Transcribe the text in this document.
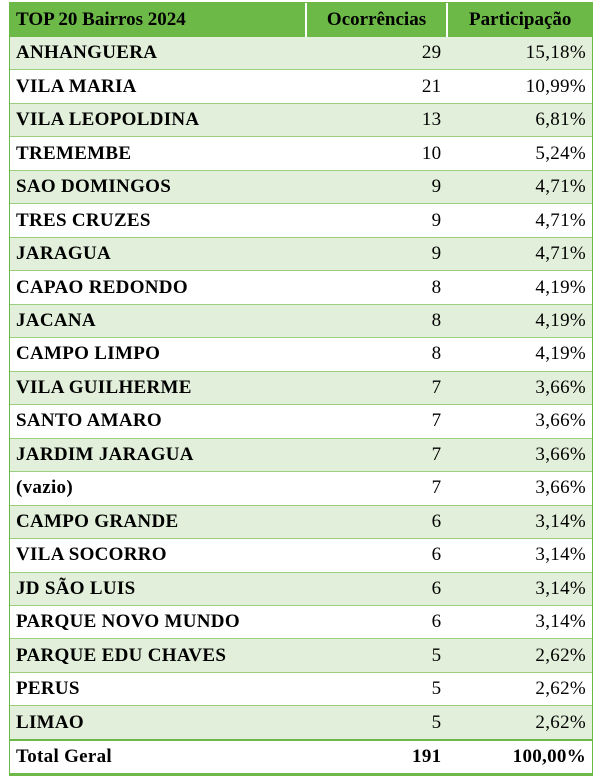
TOP 20 Bairros 2024	Ocorrências	Participação
ANHANGUERA	29	15,18%
VILA MARIA	21	10,99%
VILA LEOPOLDINA	13	6,81%
TREMEMBE	10	5,24%
SAO DOMINGOS	9	4,71%
TRES CRUZES	9	4,71%
JARAGUA	9	4,71%
CAPAO REDONDO	8	4,19%
JACANA	8	4,19%
CAMPO LIMPO	8	4,19%
VILA GUILHERME	7	3,66%
SANTO AMARO	7	3,66%
JARDIM JARAGUA	7	3,66%
(vazio)	7	3,66%
CAMPO GRANDE	6	3,14%
VILA SOCORRO	6	3,14%
JD SÃO LUIS	6	3,14%
PARQUE NOVO MUNDO	6	3,14%
PARQUE EDU CHAVES	5	2,62%
PERUS	5	2,62%
LIMAO	5	2,62%
Total Geral	191	100,00%
